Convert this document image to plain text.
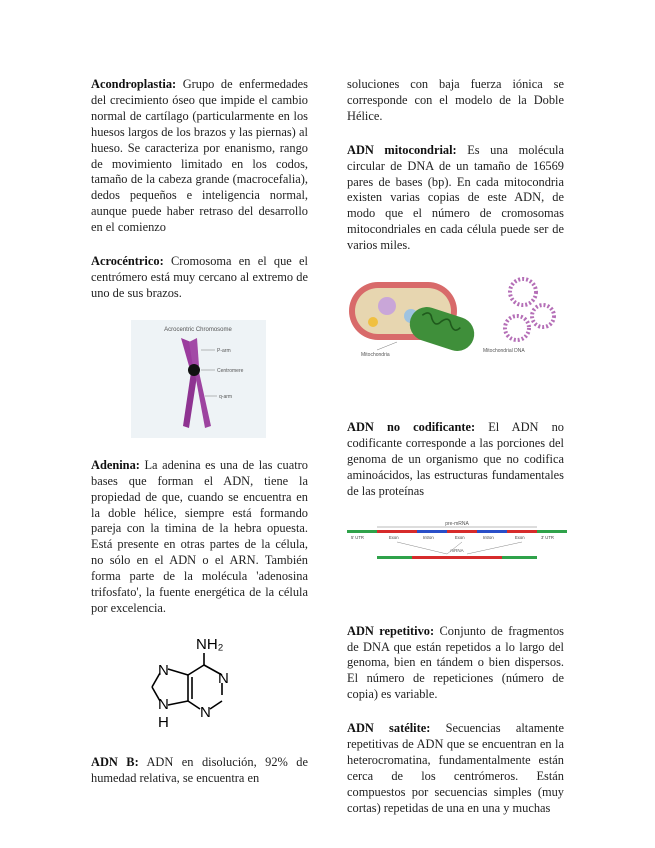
Acondroplastia: Grupo de enfermedades del crecimiento óseo que impide el cambio normal de cartílago (particularmente en los huesos largos de los brazos y las piernas) al hueso. Se caracteriza por enanismo, rango de movimiento limitado en los codos, tamaño de la cabeza grande (macrocefalia), dedos pequeños e inteligencia normal, aunque puede haber retraso del desarrollo en el comienzo

Acrocéntrico: Cromosoma en el que el centrómero está muy cercano al extremo de uno de sus brazos.

Acrocentric Chromosome
P-arm
Centromere
q-arm

Adenina: La adenina es una de las cuatro bases que forman el ADN, tiene la propiedad de que, cuando se encuentra en la doble hélice, siempre está formando pareja con la timina de la hebra opuesta. Está presente en otras partes de la célula, no sólo en el ADN o el ARN. También forma parte de la molécula 'adenosina trifosfato', la fuente energética de la célula por excelencia.

NH₂
N
N
N
N
H

ADN B: ADN en disolución, 92% de humedad relativa, se encuentra en

soluciones con baja fuerza iónica se corresponde con el modelo de la Doble Hélice.

ADN mitocondrial: Es una molécula circular de DNA de un tamaño de 16569 pares de bases (bp). En cada mitocondria existen varias copias de este ADN, de modo que el número de cromosomas mitocondriales en cada célula puede ser de varios miles.

Mitochondria
Mitochondrial DNA

ADN no codificante: El ADN no codificante corresponde a las porciones del genoma de un organismo que no codifica aminoácidos, las estructuras fundamentales de las proteínas

pre-mRNA
5' UTR	Exon	Intron	Exon	Intron	Exon	3' UTR
mRNA

ADN repetitivo: Conjunto de fragmentos de DNA que están repetidos a lo largo del genoma, bien en tándem o bien dispersos. El número de repeticiones (número de copia) es variable.

ADN satélite: Secuencias altamente repetitivas de ADN que se encuentran en la heterocromatina, fundamentalmente están cerca de los centrómeros. Están compuestos por secuencias simples (muy cortas) repetidas de una en una y muchas
